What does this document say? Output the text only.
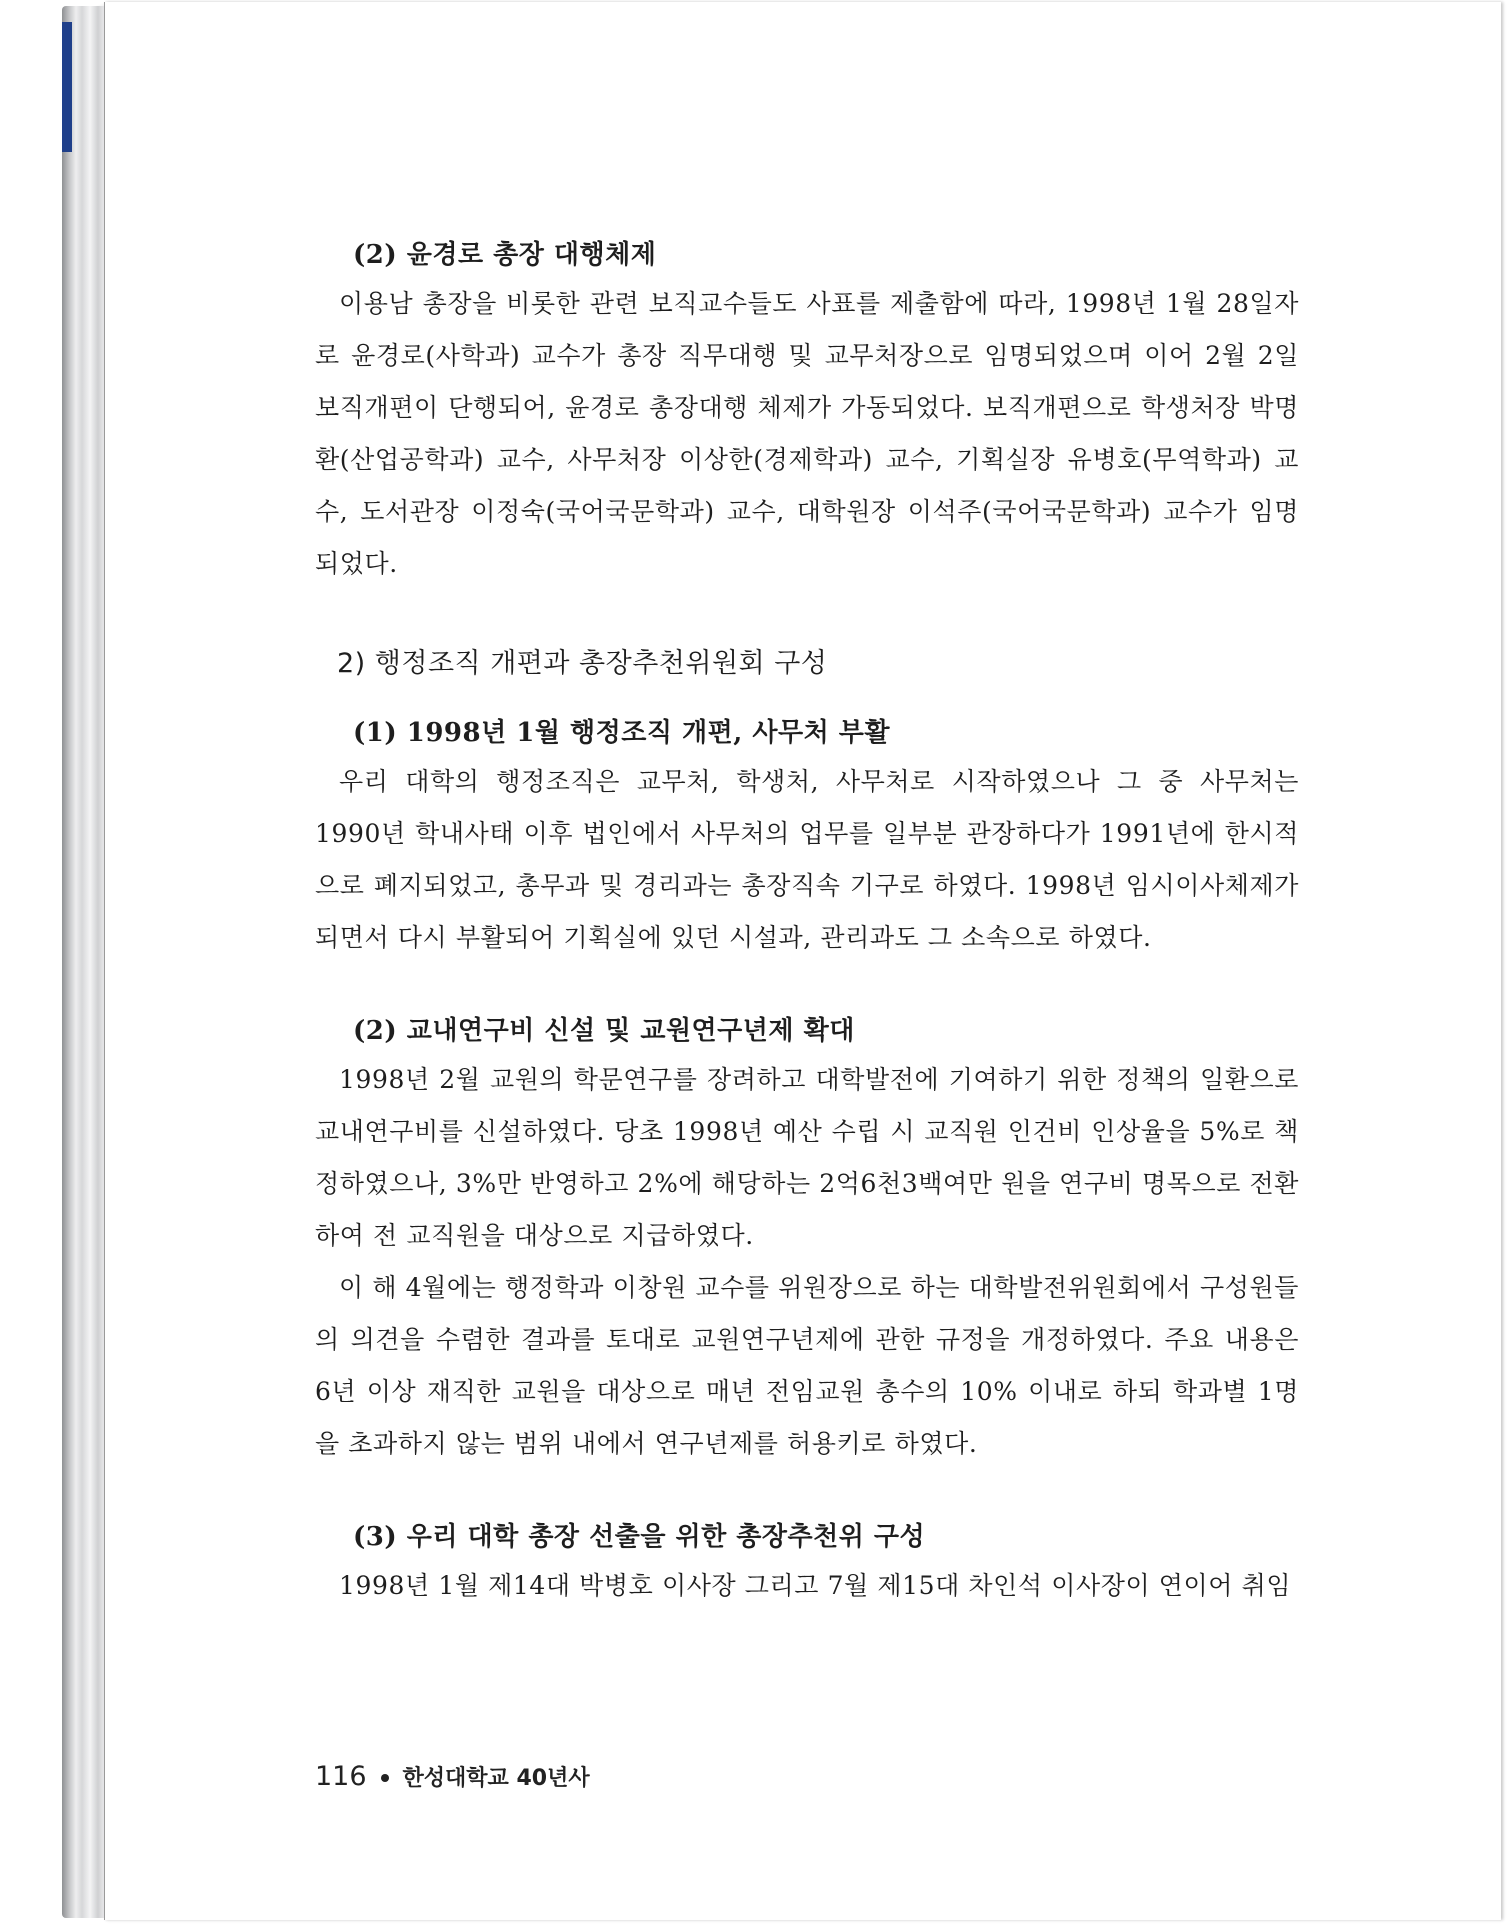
(2) 윤경로 총장 대행체제

이용남 총장을 비롯한 관련 보직교수들도 사표를 제출함에 따라, 1998년 1월 28일자로 윤경로(사학과) 교수가 총장 직무대행 및 교무처장으로 임명되었으며 이어 2월 2일 보직개편이 단행되어, 윤경로 총장대행 체제가 가동되었다. 보직개편으로 학생처장 박명환(산업공학과) 교수, 사무처장 이상한(경제학과) 교수, 기획실장 유병호(무역학과) 교수, 도서관장 이정숙(국어국문학과) 교수, 대학원장 이석주(국어국문학과) 교수가 임명되었다.

2) 행정조직 개편과 총장추천위원회 구성
(1) 1998년 1월 행정조직 개편, 사무처 부활

우리 대학의 행정조직은 교무처, 학생처, 사무처로 시작하였으나 그 중 사무처는 1990년 학내사태 이후 법인에서 사무처의 업무를 일부분 관장하다가 1991년에 한시적으로 폐지되었고, 총무과 및 경리과는 총장직속 기구로 하였다. 1998년 임시이사체제가 되면서 다시 부활되어 기획실에 있던 시설과, 관리과도 그 소속으로 하였다.

(2) 교내연구비 신설 및 교원연구년제 확대

1998년 2월 교원의 학문연구를 장려하고 대학발전에 기여하기 위한 정책의 일환으로 교내연구비를 신설하였다. 당초 1998년 예산 수립 시 교직원 인건비 인상율을 5%로 책정하였으나, 3%만 반영하고 2%에 해당하는 2억6천3백여만 원을 연구비 명목으로 전환하여 전 교직원을 대상으로 지급하였다.

이 해 4월에는 행정학과 이창원 교수를 위원장으로 하는 대학발전위원회에서 구성원들의 의견을 수렴한 결과를 토대로 교원연구년제에 관한 규정을 개정하였다. 주요 내용은 6년 이상 재직한 교원을 대상으로 매년 전임교원 총수의 10% 이내로 하되 학과별 1명을 초과하지 않는 범위 내에서 연구년제를 허용키로 하였다.

(3) 우리 대학 총장 선출을 위한 총장추천위 구성

1998년 1월 제14대 박병호 이사장 그리고 7월 제15대 차인석 이사장이 연이어 취임

116 한성대학교 40년사
